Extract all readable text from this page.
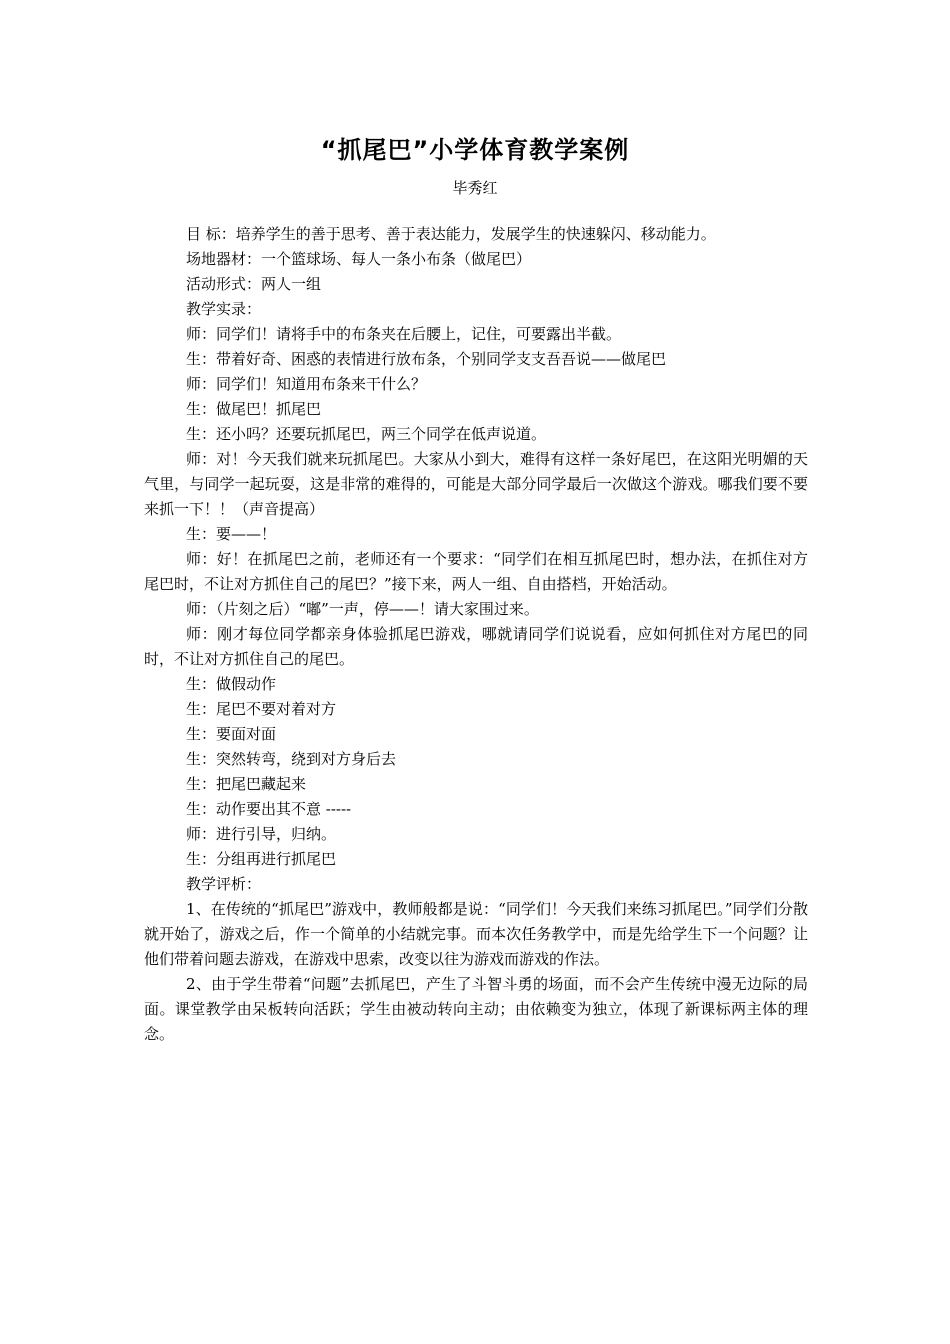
“抓尾巴”小学体育教学案例
毕秀红

目 标：培养学生的善于思考、善于表达能力，发展学生的快速躲闪、移动能力。

场地器材：一个篮球场、每人一条小布条（做尾巴）

活动形式：两人一组

教学实录：

师：同学们！请将手中的布条夹在后腰上，记住，可要露出半截。

生：带着好奇、困惑的表情进行放布条，个别同学支支吾吾说——做尾巴

师：同学们！知道用布条来干什么？

生：做尾巴！抓尾巴

生：还小吗？还要玩抓尾巴，两三个同学在低声说道。

师：对！今天我们就来玩抓尾巴。大家从小到大，难得有这样一条好尾巴，在这阳光明媚的天气里，与同学一起玩耍，这是非常的难得的，可能是大部分同学最后一次做这个游戏。哪我们要不要来抓一下！！（声音提高）

生：要——！

师：好！在抓尾巴之前，老师还有一个要求：“同学们在相互抓尾巴时，想办法，在抓住对方尾巴时，不让对方抓住自己的尾巴？”接下来，两人一组、自由搭档，开始活动。

师：（片刻之后）“嘟”一声，停——！请大家围过来。

师：刚才每位同学都亲身体验抓尾巴游戏，哪就请同学们说说看，应如何抓住对方尾巴的同时，不让对方抓住自己的尾巴。

生：做假动作

生：尾巴不要对着对方

生：要面对面

生：突然转弯，绕到对方身后去

生：把尾巴藏起来

生：动作要出其不意 -----

师：进行引导，归纳。

生：分组再进行抓尾巴

教学评析：

1、在传统的“抓尾巴”游戏中，教师般都是说：“同学们！今天我们来练习抓尾巴。”同学们分散就开始了，游戏之后，作一个简单的小结就完事。而本次任务教学中，而是先给学生下一个问题？让他们带着问题去游戏，在游戏中思索，改变以往为游戏而游戏的作法。

2、由于学生带着“问题”去抓尾巴，产生了斗智斗勇的场面，而不会产生传统中漫无边际的局面。课堂教学由呆板转向活跃；学生由被动转向主动；由依赖变为独立，体现了新课标两主体的理念。
